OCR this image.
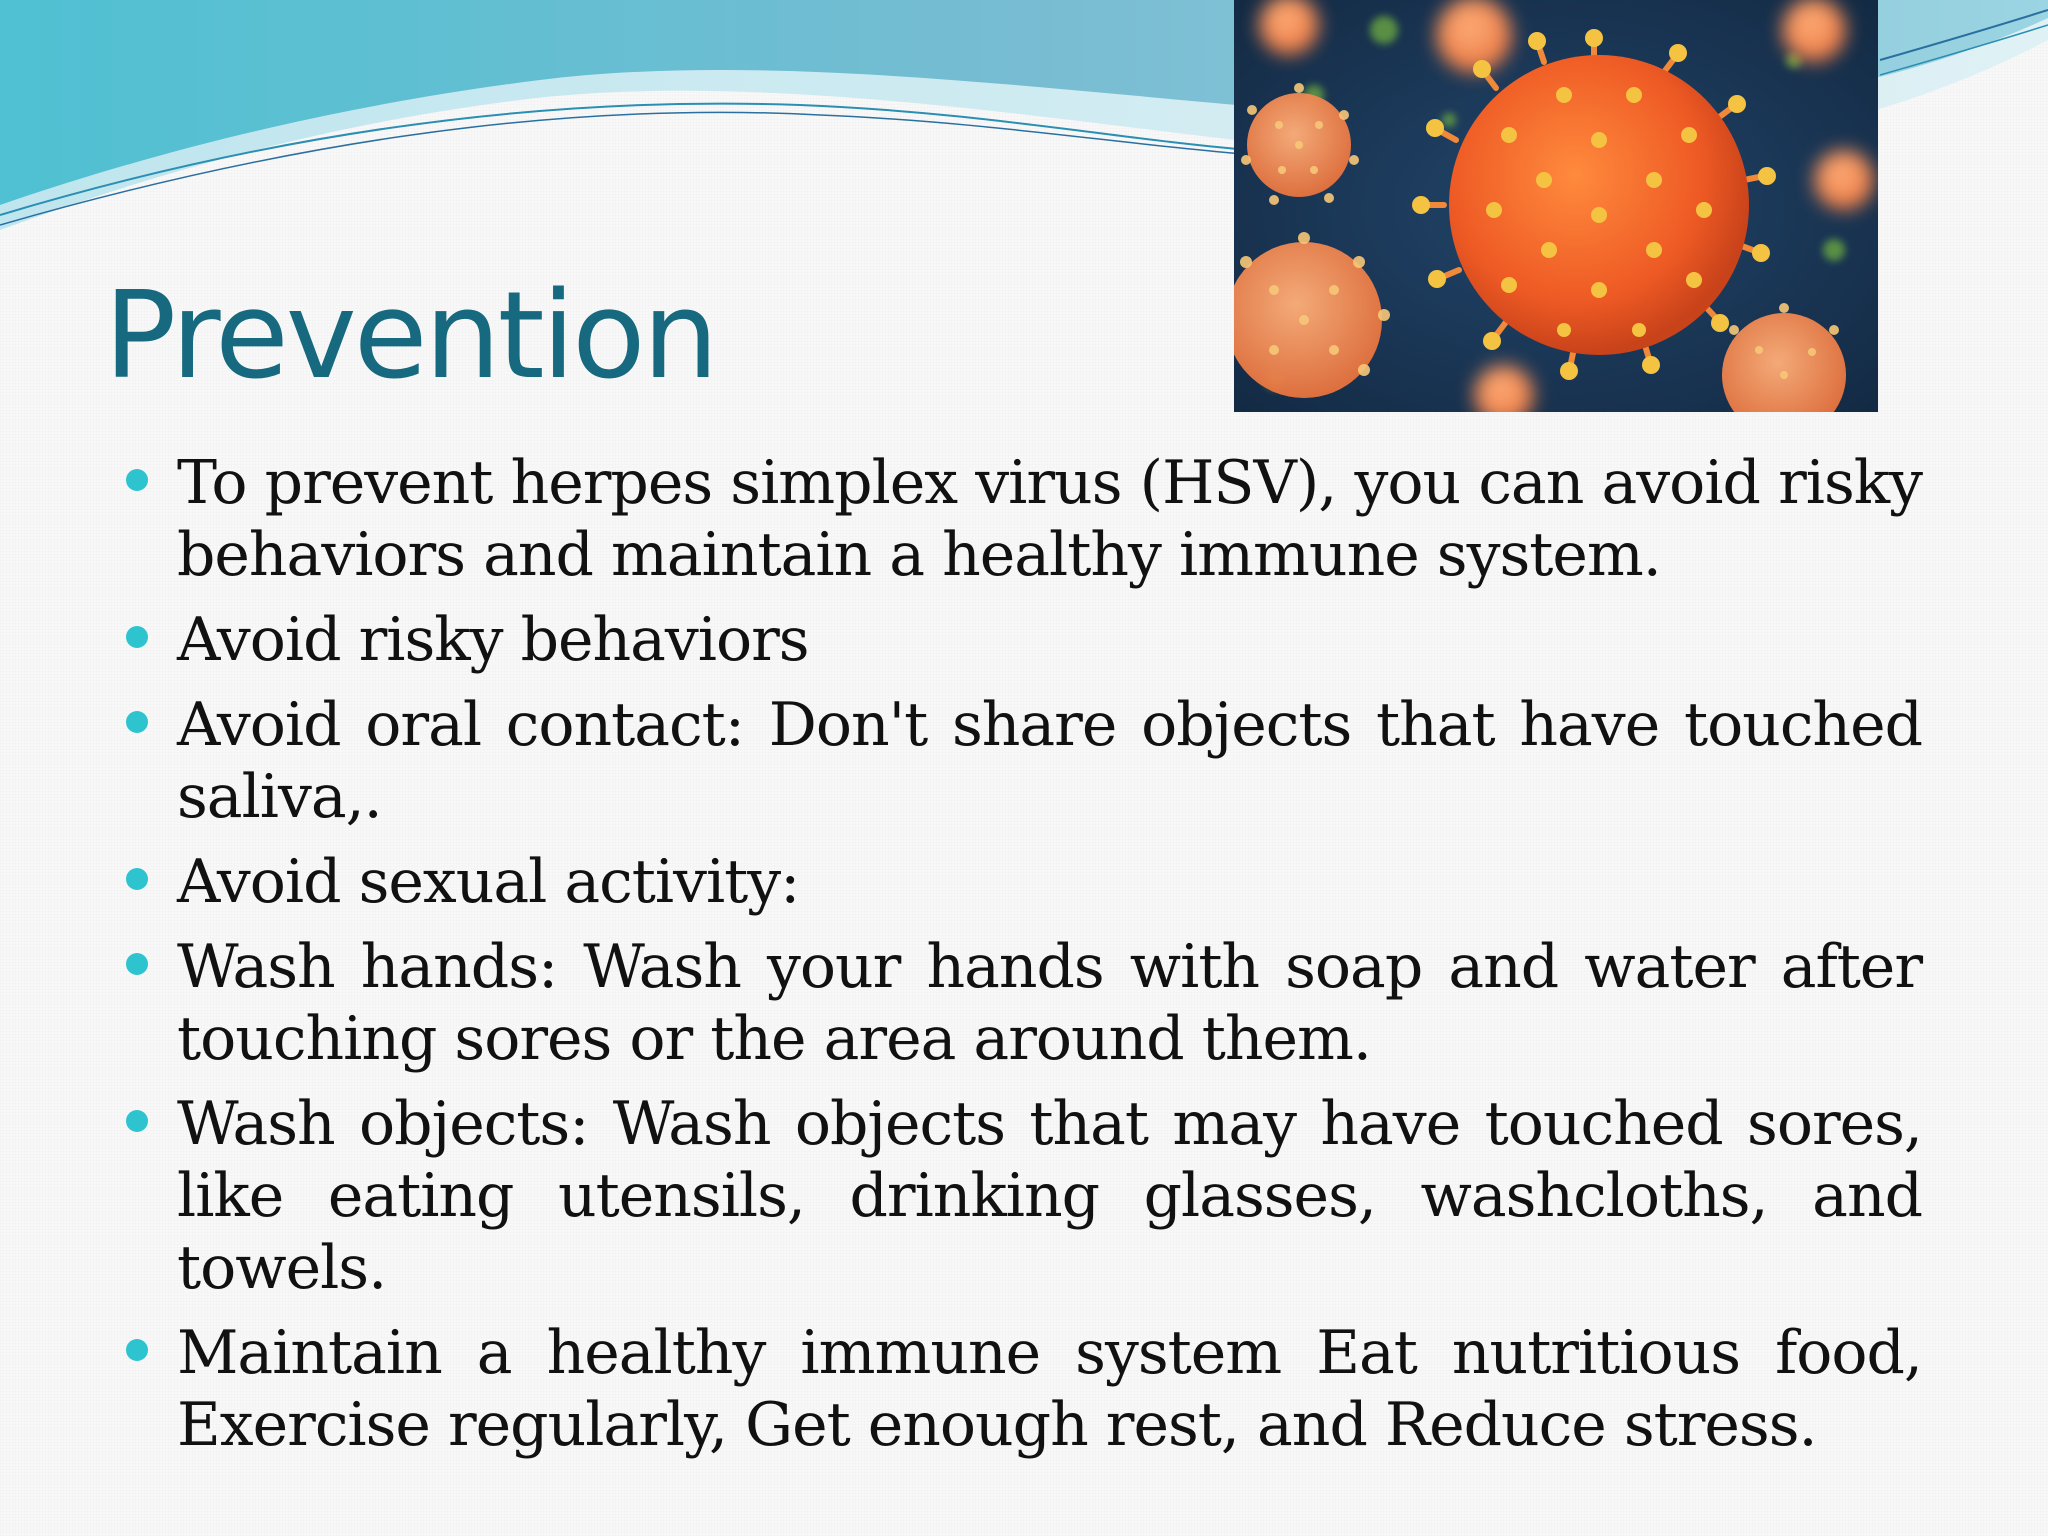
Prevention
To prevent herpes simplex virus (HSV), you can avoid risky behaviors and maintain a healthy immune system.
Avoid risky behaviors
Avoid oral contact: Don't share objects that have touched saliva,.
Avoid sexual activity:
Wash hands: Wash your hands with soap and water after touching sores or the area around them.
Wash objects: Wash objects that may have touched sores, like eating utensils, drinking glasses, washcloths, and towels.
Maintain a healthy immune system Eat nutritious food, Exercise regularly, Get enough rest, and Reduce stress.
